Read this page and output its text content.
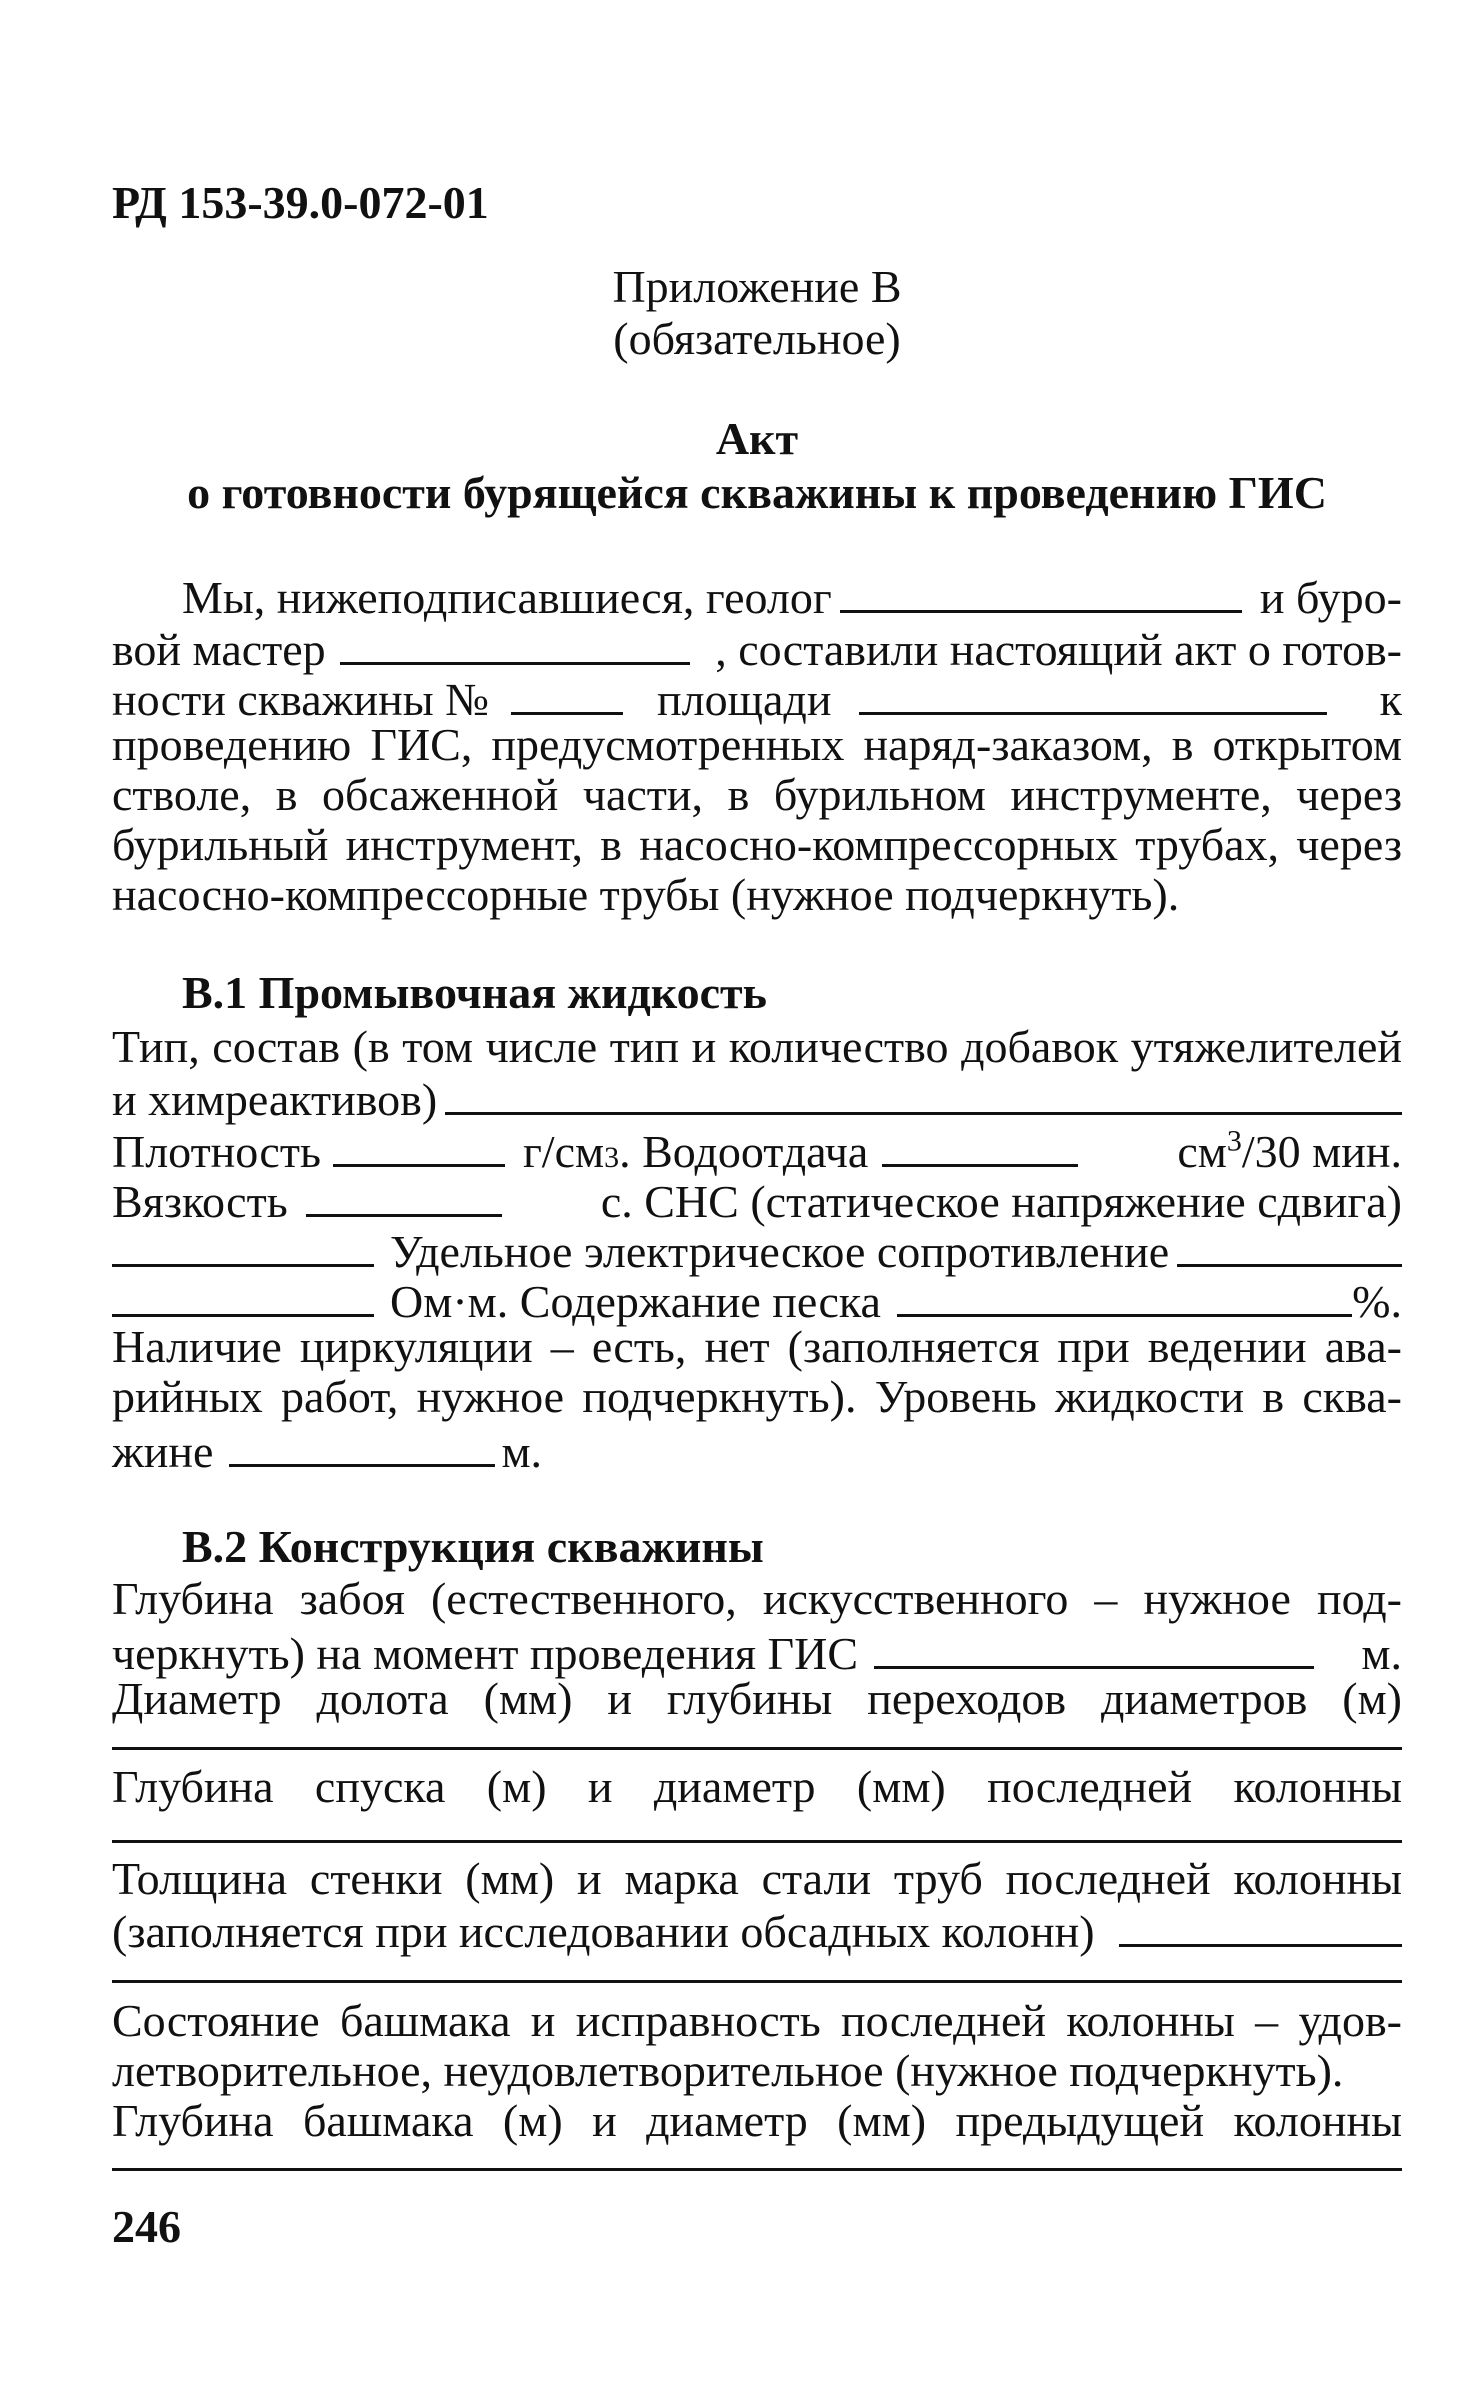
РД 153-39.0-072-01
Приложение В
(обязательное)
Акт
о готовности бурящейся скважины к проведению ГИС
Мы, нижеподписавшиеся, геолог	и буро-
вой мастер	, составили настоящий акт о готов-
ности скважины №	площади	к
проведению ГИС, предусмотренных наряд-заказом, в открытом
стволе, в обсаженной части, в бурильном инструменте, через
бурильный инструмент, в насосно-компрессорных трубах, через
насосно-компрессорные трубы (нужное подчеркнуть).
В.1 Промывочная жидкость
Тип, состав (в том числе тип и количество добавок утяжелителей
и химреактивов)
Плотность	г/см 3 . Водоотдача	$см^3/30$ мин.
Вязкость	с. СНС (статическое напряжение сдвига)
Удельное электрическое сопротивление
Ом·м. Содержание песка	%.
Наличие циркуляции – есть, нет (заполняется при ведении ава-
рийных работ, нужное подчеркнуть). Уровень жидкости в сква-
жине	м.
В.2 Конструкция скважины
Глубина забоя (естественного, искусственного – нужное под-
черкнуть) на момент проведения ГИС	м.
Диаметр долота (мм) и глубины переходов диаметров (м)
Глубина спуска (м) и диаметр (мм) последней колонны
Толщина стенки (мм) и марка стали труб последней колонны
(заполняется при исследовании обсадных колонн)
Состояние башмака и исправность последней колонны – удов-
летворительное, неудовлетворительное (нужное подчеркнуть).
Глубина башмака (м) и диаметр (мм) предыдущей колонны
246
